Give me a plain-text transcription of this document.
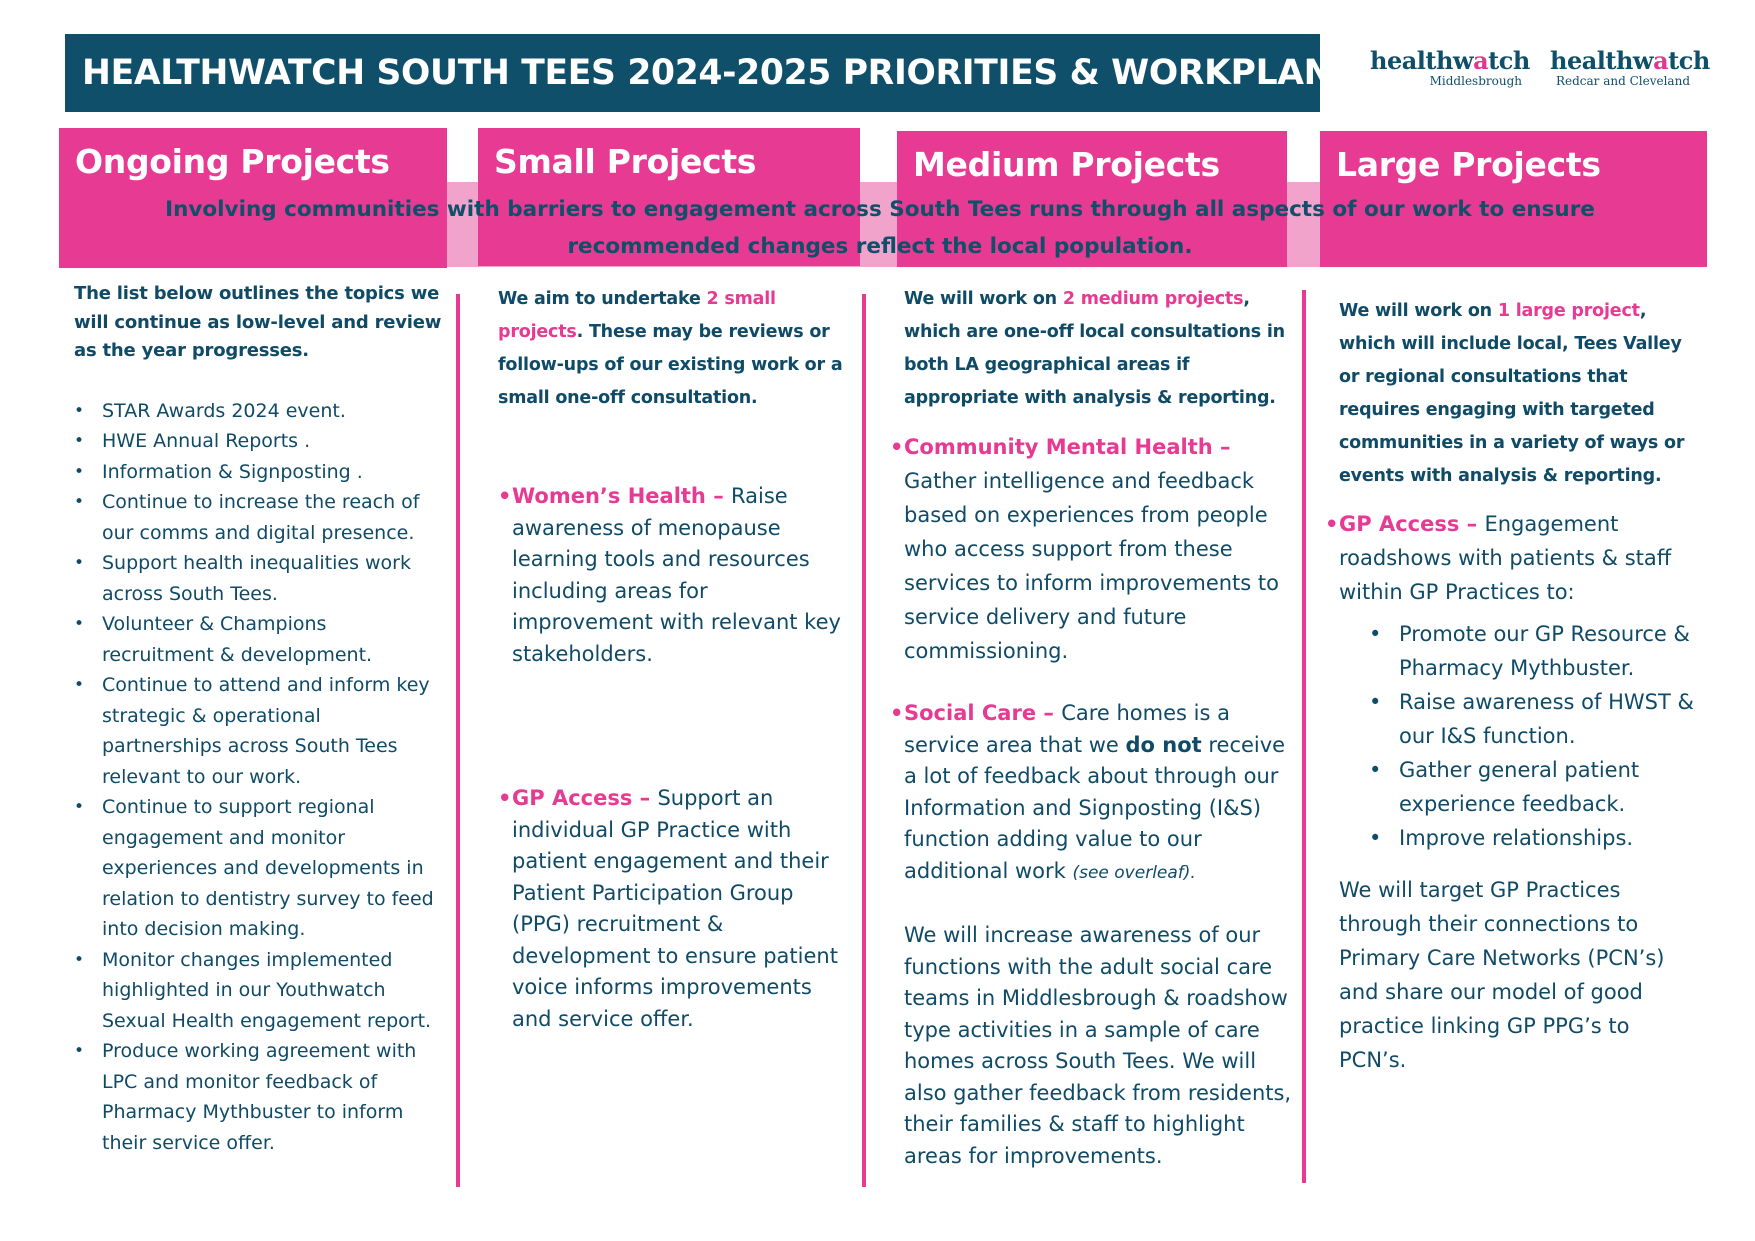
HEALTHWATCH SOUTH TEES 2024-2025 PRIORITIES & WORKPLAN healthwatch
Middlesbrough
healthwatch
Redcar and Cleveland
Ongoing Projects	Small Projects	Medium Projects	Large Projects
Involving communities with barriers to engagement across South Tees runs through all aspects of our work to ensure recommended changes reflect the local population.
The list below outlines the topics we will continue as low-level and review as the year progresses.
• STAR Awards 2024 event.
• HWE Annual Reports .
• Information & Signposting .
• Continue to increase the reach of our comms and digital presence.
• Support health inequalities work across South Tees.
• Volunteer & Champions recruitment & development.
• Continue to attend and inform key strategic & operational partnerships across South Tees relevant to our work.
• Continue to support regional engagement and monitor experiences and developments in relation to dentistry survey to feed into decision making.
• Monitor changes implemented highlighted in our Youthwatch Sexual Health engagement report.
• Produce working agreement with LPC and monitor feedback of Pharmacy Mythbuster to inform their service offer.
We aim to undertake 2 small projects. These may be reviews or follow-ups of our existing work or a small one-off consultation.
• Women’s Health – Raise awareness of menopause learning tools and resources including areas for improvement with relevant key stakeholders.
• GP Access – Support an individual GP Practice with patient engagement and their Patient Participation Group (PPG) recruitment & development to ensure patient voice informs improvements and service offer.
We will work on 2 medium projects, which are one-off local consultations in both LA geographical areas if appropriate with analysis & reporting.
• Community Mental Health – Gather intelligence and feedback based on experiences from people who access support from these services to inform improvements to service delivery and future commissioning.
• Social Care – Care homes is a service area that we do not receive a lot of feedback about through our Information and Signposting (I&S) function adding value to our additional work (see overleaf).
We will increase awareness of our functions with the adult social care teams in Middlesbrough & roadshow type activities in a sample of care homes across South Tees. We will also gather feedback from residents, their families & staff to highlight areas for improvements.
We will work on 1 large project, which will include local, Tees Valley or regional consultations that requires engaging with targeted communities in a variety of ways or events with analysis & reporting.
• GP Access – Engagement roadshows with patients & staff within GP Practices to:
• Promote our GP Resource & Pharmacy Mythbuster.
• Raise awareness of HWST & our I&S function.
• Gather general patient experience feedback.
• Improve relationships.
We will target GP Practices through their connections to Primary Care Networks (PCN’s) and share our model of good practice linking GP PPG’s to PCN’s.
